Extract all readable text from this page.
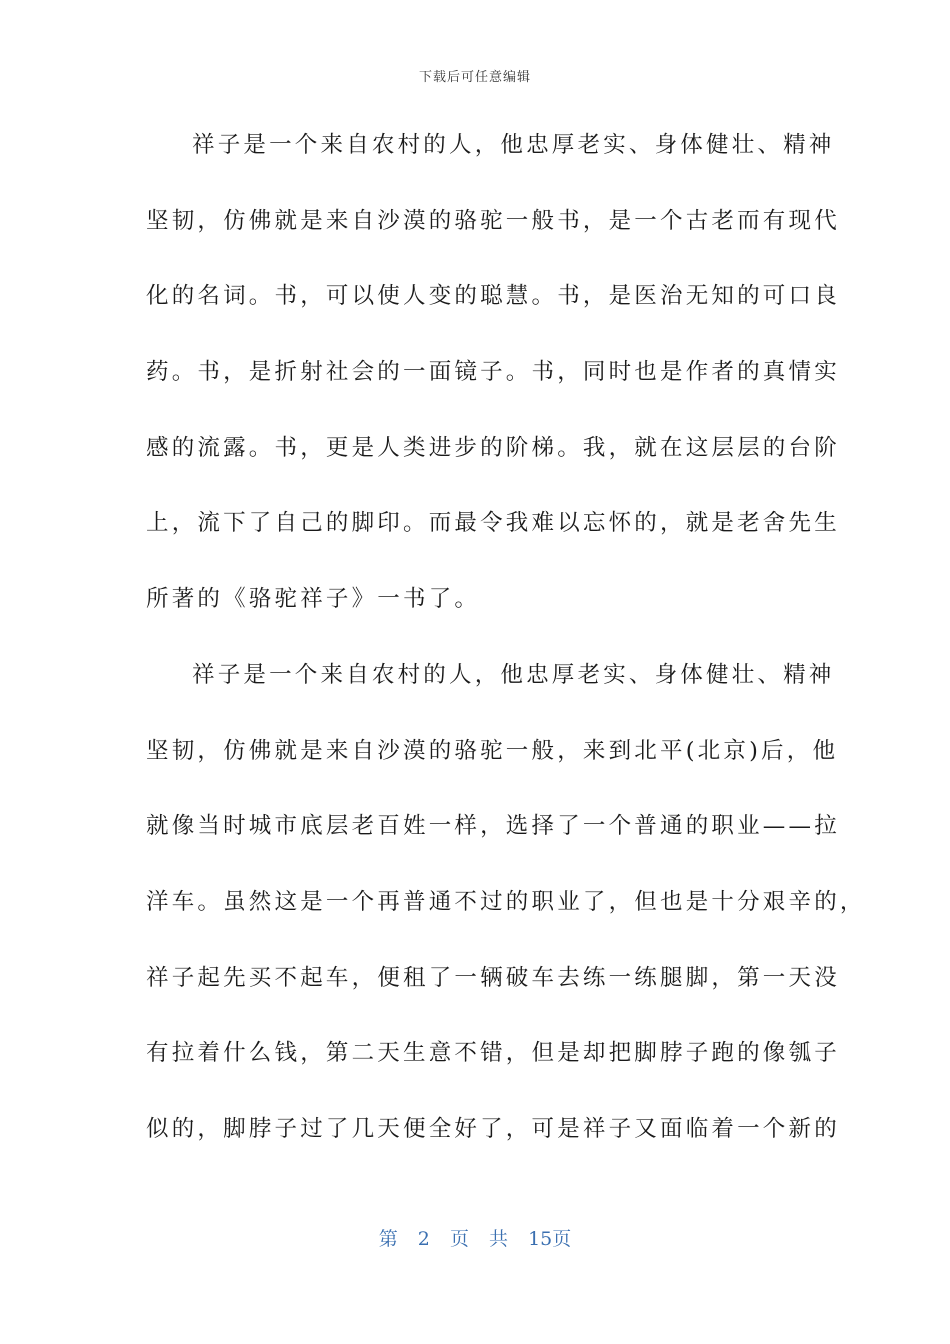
下载后可任意编辑
祥子是一个来自农村的人，他忠厚老实、身体健壮、精神
坚韧，仿佛就是来自沙漠的骆驼一般书，是一个古老而有现代
化的名词。书，可以使人变的聪慧。书，是医治无知的可口良
药。书，是折射社会的一面镜子。书，同时也是作者的真情实
感的流露。书，更是人类进步的阶梯。我，就在这层层的台阶
上，流下了自己的脚印。而最令我难以忘怀的，就是老舍先生
所著的《骆驼祥子》一书了。
祥子是一个来自农村的人，他忠厚老实、身体健壮、精神
坚韧，仿佛就是来自沙漠的骆驼一般，来到北平(北京)后，他
就像当时城市底层老百姓一样，选择了一个普通的职业——拉
洋车。虽然这是一个再普通不过的职业了，但也是十分艰辛的，
祥子起先买不起车，便租了一辆破车去练一练腿脚，第一天没
有拉着什么钱，第二天生意不错，但是却把脚脖子跑的像瓠子
似的，脚脖子过了几天便全好了，可是祥子又面临着一个新的
第 2 页 共 15页
